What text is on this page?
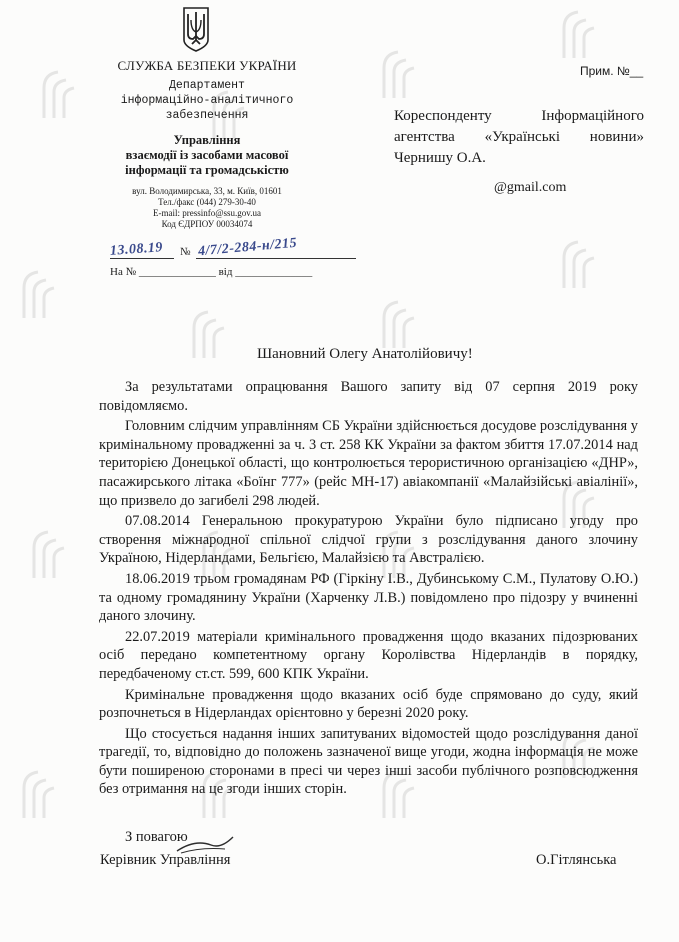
СЛУЖБА БЕЗПЕКИ УКРАЇНИ
Департамент
інформаційно-аналітичного
забезпечення
Управління
взаємодії із засобами масової
інформації та громадськістю
вул. Володимирська, 33, м. Київ, 01601
Тел./факс (044) 279-30-40
E-mail: pressinfo@ssu.gov.ua
Код ЄДРПОУ 00034074
13.08.19 № 4/7/2-284-н/215
На № ______________ від ______________
Прим. №__
Кореспонденту Інформаційного агентства «Українські новини» Чернишу О.А.
@gmail.com
Шановний Олегу Анатолійовичу!

За результатами опрацювання Вашого запиту від 07 серпня 2019 року повідомляємо.

Головним слідчим управлінням СБ України здійснюється досудове розслідування у кримінальному провадженні за ч. 3 ст. 258 КК України за фактом збиття 17.07.2014 над територією Донецької області, що контролюється терористичною організацією «ДНР», пасажирського літака «Боїнг 777» (рейс MH-17) авіакомпанії «Малайзійські авіалінії», що призвело до загибелі 298 людей.

07.08.2014 Генеральною прокуратурою України було підписано угоду про створення міжнародної спільної слідчої групи з розслідування даного злочину Україною, Нідерландами, Бельгією, Малайзією та Австралією.

18.06.2019 трьом громадянам РФ (Гіркіну І.В., Дубинському С.М., Пулатову О.Ю.) та одному громадянину України (Харченку Л.В.) повідомлено про підозру у вчиненні даного злочину.

22.07.2019 матеріали кримінального провадження щодо вказаних підозрюваних осіб передано компетентному органу Королівства Нідерландів в порядку, передбаченому ст.ст. 599, 600 КПК України.

Кримінальне провадження щодо вказаних осіб буде спрямовано до суду, який розпочнеться в Нідерландах орієнтовно у березні 2020 року.

Що стосується надання інших запитуваних відомостей щодо розслідування даної трагедії, то, відповідно до положень зазначеної вище угоди, жодна інформація не може бути поширеною сторонами в пресі чи через інші засоби публічного розповсюдження без отримання на це згоди інших сторін.

З повагою
Керівник Управління	О.Гітлянська
